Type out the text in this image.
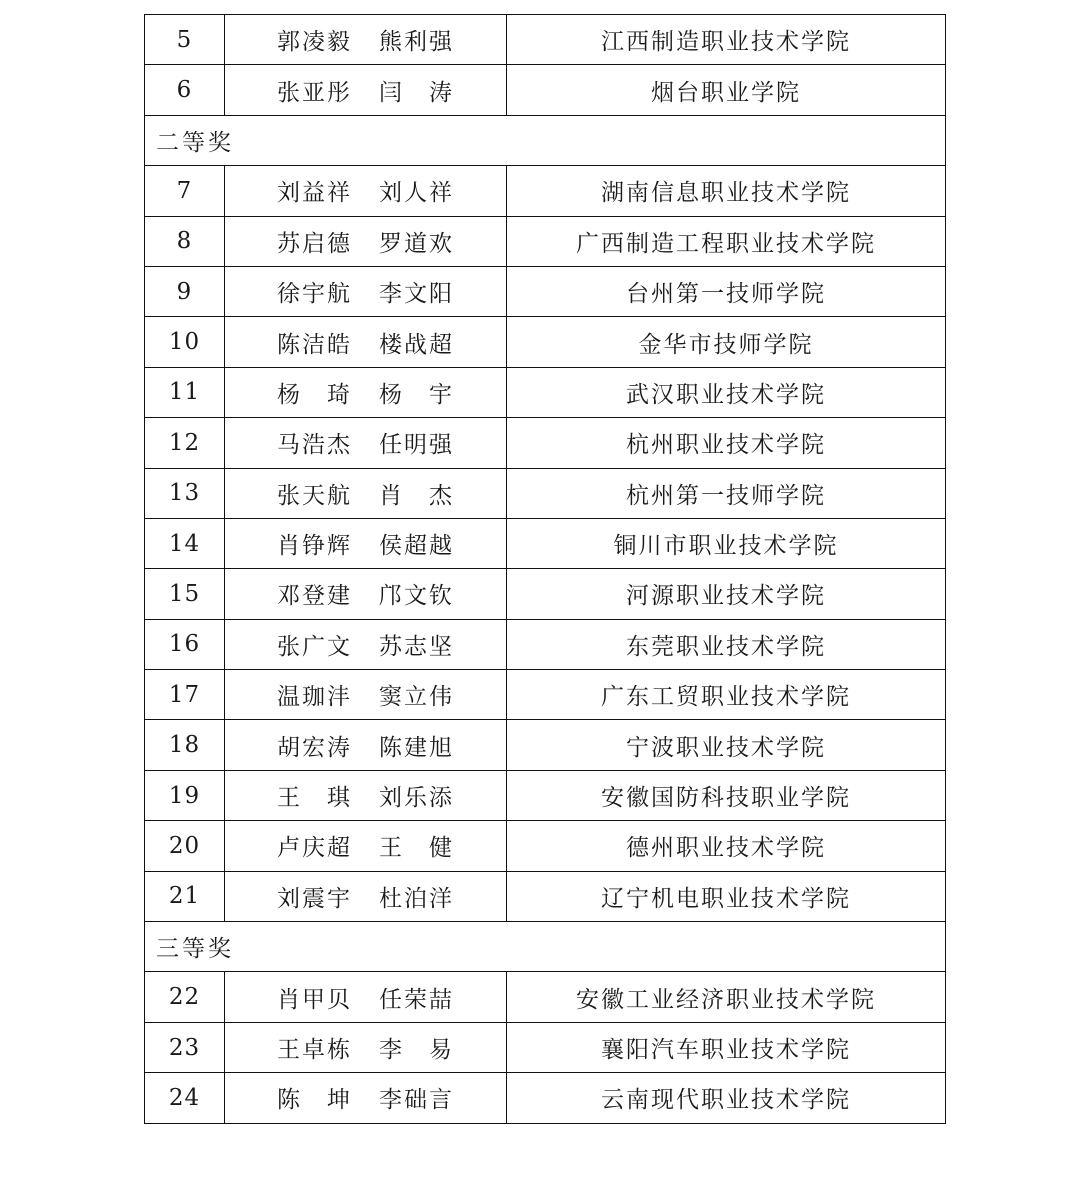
5	郭凌毅 熊利强	江西制造职业技术学院
6	张亚彤 闫　涛	烟台职业学院
二等奖		
7	刘益祥 刘人祥	湖南信息职业技术学院
8	苏启德 罗道欢	广西制造工程职业技术学院
9	徐宇航 李文阳	台州第一技师学院
10	陈洁皓 楼战超	金华市技师学院
11	杨　琦 杨　宇	武汉职业技术学院
12	马浩杰 任明强	杭州职业技术学院
13	张天航 肖　杰	杭州第一技师学院
14	肖铮辉 侯超越	铜川市职业技术学院
15	邓登建 邝文钦	河源职业技术学院
16	张广文 苏志坚	东莞职业技术学院
17	温珈沣 窦立伟	广东工贸职业技术学院
18	胡宏涛 陈建旭	宁波职业技术学院
19	王　琪 刘乐添	安徽国防科技职业学院
20	卢庆超 王　健	德州职业技术学院
21	刘震宇 杜泊洋	辽宁机电职业技术学院
三等奖		
22	肖甲贝 任荣喆	安徽工业经济职业技术学院
23	王卓栋 李　易	襄阳汽车职业技术学院
24	陈　坤 李础言	云南现代职业技术学院
